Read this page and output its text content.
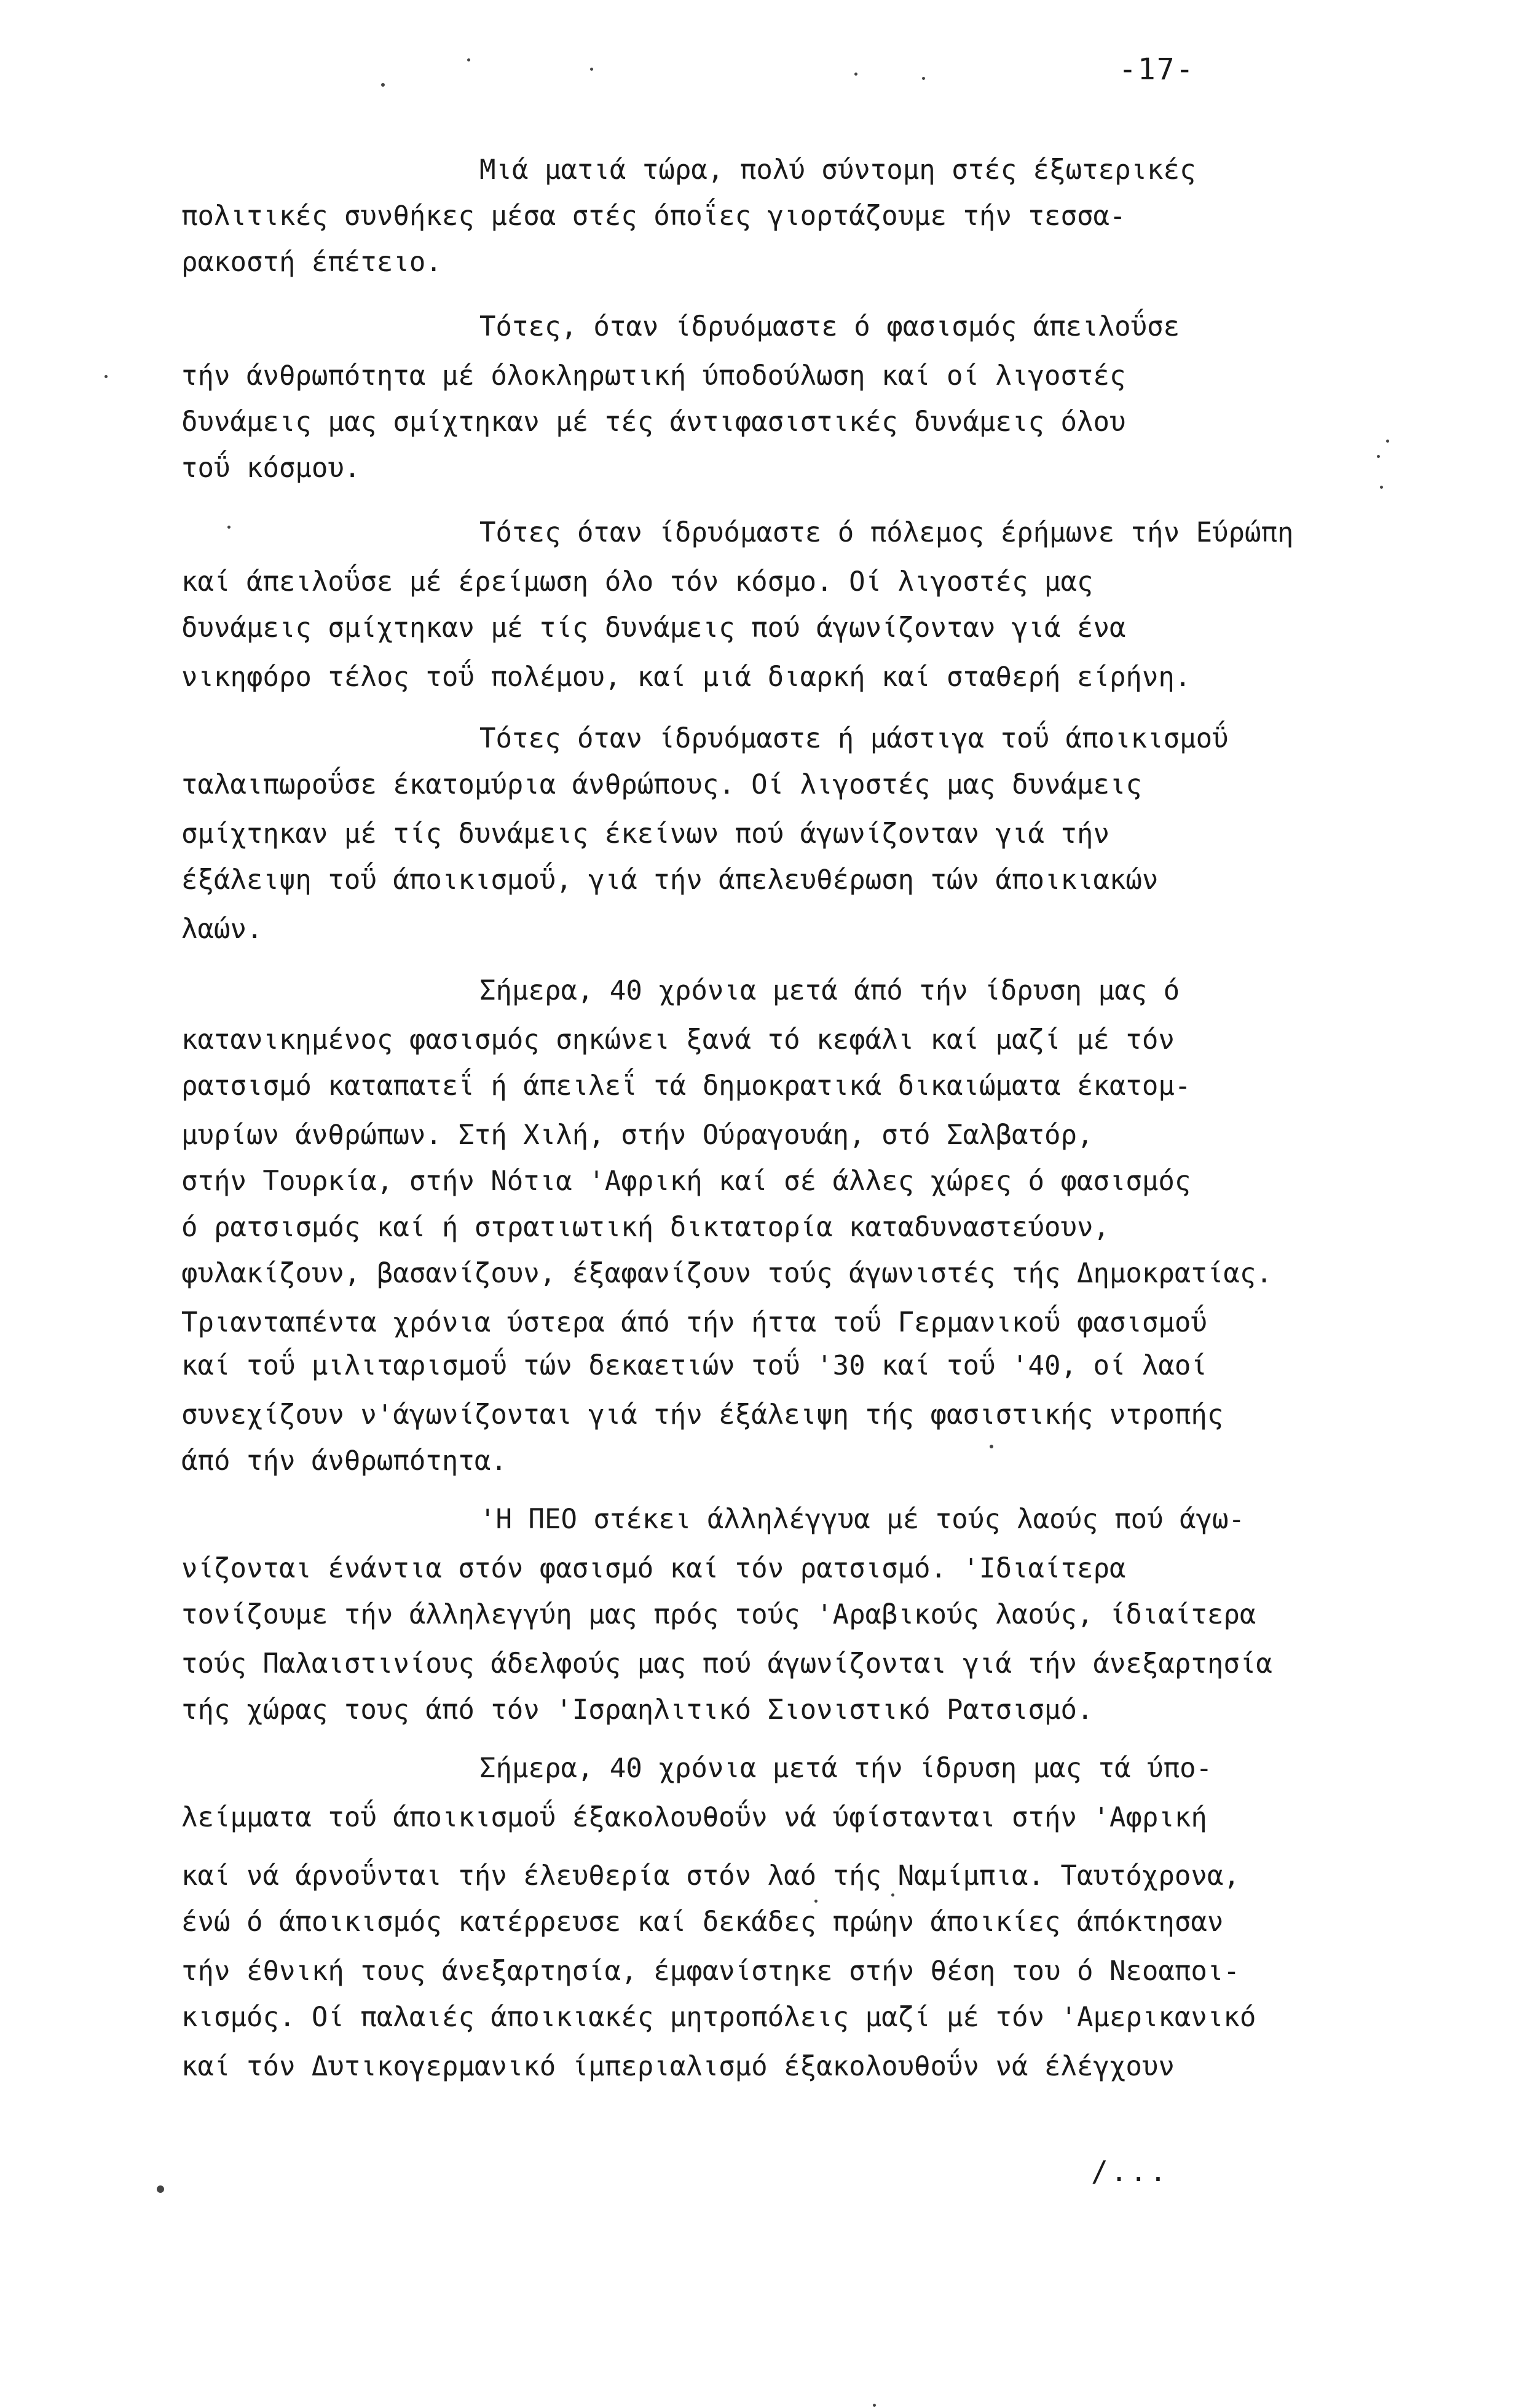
-17-
Μιά ματιά τώρα, πολύ σύντομη στές έξωτερικές
πολιτικές συνθήκες μέσα στές όποΐες γιορτάζουμε τήν τεσσα-
ρακοστή έπέτειο.
Τότες, όταν ίδρυόμαστε ό φασισμός άπειλοΰσε
τήν άνθρωπότητα μέ όλοκληρωτική ύποδούλωση καί οί λιγοστές
δυνάμεις μας σμίχτηκαν μέ τές άντιφασιστικές δυνάμεις όλου
τοΰ κόσμου.
Τότες όταν ίδρυόμαστε ό πόλεμος έρήμωνε τήν Εύρώπη
καί άπειλοΰσε μέ έρείμωση όλο τόν κόσμο. Οί λιγοστές μας
δυνάμεις σμίχτηκαν μέ τίς δυνάμεις πού άγωνίζονταν γιά ένα
νικηφόρο τέλος τοΰ πολέμου, καί μιά διαρκή καί σταθερή είρήνη.
Τότες όταν ίδρυόμαστε ή μάστιγα τοΰ άποικισμοΰ
ταλαιπωροΰσε έκατομύρια άνθρώπους. Οί λιγοστές μας δυνάμεις
σμίχτηκαν μέ τίς δυνάμεις έκείνων πού άγωνίζονταν γιά τήν
έξάλειψη τοΰ άποικισμοΰ, γιά τήν άπελευθέρωση τών άποικιακών
λαών.
Σήμερα, 40 χρόνια μετά άπό τήν ίδρυση μας ό
κατανικημένος φασισμός σηκώνει ξανά τό κεφάλι καί μαζί μέ τόν
ρατσισμό καταπατεΐ ή άπειλεΐ τά δημοκρατικά δικαιώματα έκατομ-
μυρίων άνθρώπων. Στή Χιλή, στήν Ούραγουάη, στό Σαλβατόρ,
στήν Τουρκία, στήν Νότια 'Αφρική καί σέ άλλες χώρες ό φασισμός
ό ρατσισμός καί ή στρατιωτική δικτατορία καταδυναστεύουν,
φυλακίζουν, βασανίζουν, έξαφανίζουν τούς άγωνιστές τής Δημοκρατίας.
Τριανταπέντα χρόνια ύστερα άπό τήν ήττα τοΰ Γερμανικοΰ φασισμοΰ
καί τοΰ μιλιταρισμοΰ τών δεκαετιών τοΰ '30 καί τοΰ '40, οί λαοί
συνεχίζουν ν'άγωνίζονται γιά τήν έξάλειψη τής φασιστικής ντροπής
άπό τήν άνθρωπότητα.
'Η ΠΕΟ στέκει άλληλέγγυα μέ τούς λαούς πού άγω-
νίζονται ένάντια στόν φασισμό καί τόν ρατσισμό. 'Ιδιαίτερα
τονίζουμε τήν άλληλεγγύη μας πρός τούς 'Αραβικούς λαούς, ίδιαίτερα
τούς Παλαιστινίους άδελφούς μας πού άγωνίζονται γιά τήν άνεξαρτησία
τής χώρας τους άπό τόν 'Ισραηλιτικό Σιονιστικό Ρατσισμό.
Σήμερα, 40 χρόνια μετά τήν ίδρυση μας τά ύπο-
λείμματα τοΰ άποικισμοΰ έξακολουθοΰν νά ύφίστανται στήν 'Αφρική
καί νά άρνοΰνται τήν έλευθερία στόν λαό τής Ναμίμπια. Ταυτόχρονα,
ένώ ό άποικισμός κατέρρευσε καί δεκάδες πρώην άποικίες άπόκτησαν
τήν έθνική τους άνεξαρτησία, έμφανίστηκε στήν θέση του ό Νεοαποι-
κισμός. Οί παλαιές άποικιακές μητροπόλεις μαζί μέ τόν 'Αμερικανικό
καί τόν Δυτικογερμανικό ίμπεριαλισμό έξακολουθοΰν νά έλέγχουν
/...
